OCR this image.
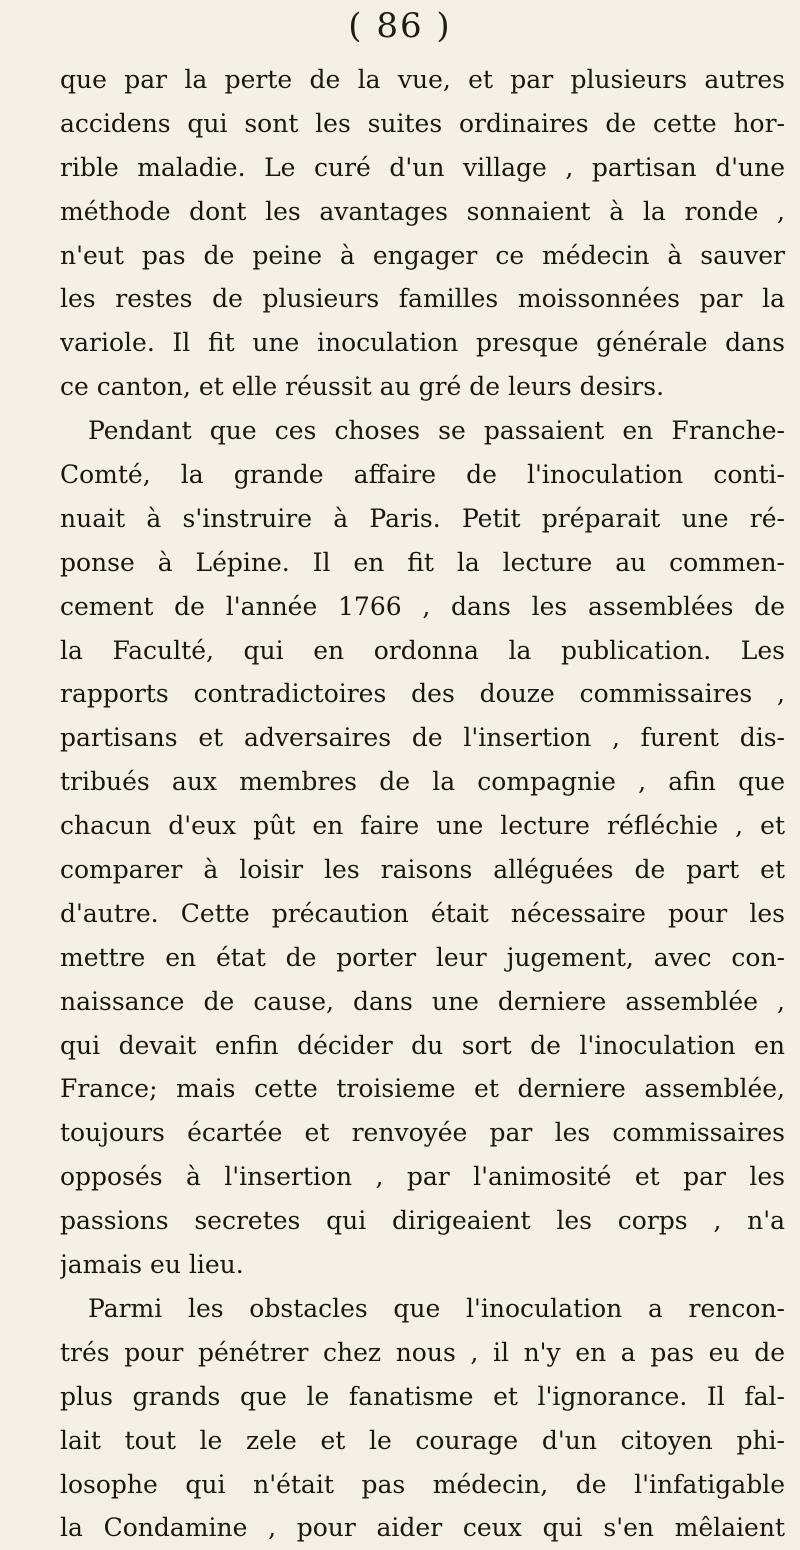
( 86 )
que par la perte de la vue, et par plusieurs autres
accidens qui sont les suites ordinaires de cette hor-
rible maladie. Le curé d'un village , partisan d'une
méthode dont les avantages sonnaient à la ronde ,
n'eut pas de peine à engager ce médecin à sauver
les restes de plusieurs familles moissonnées par la
variole. Il fit une inoculation presque générale dans
ce canton, et elle réussit au gré de leurs desirs.
Pendant que ces choses se passaient en Franche-
Comté, la grande affaire de l'inoculation conti-
nuait à s'instruire à Paris. Petit préparait une ré-
ponse à Lépine. Il en fit la lecture au commen-
cement de l'année 1766 , dans les assemblées de
la Faculté, qui en ordonna la publication. Les
rapports contradictoires des douze commissaires ,
partisans et adversaires de l'insertion , furent dis-
tribués aux membres de la compagnie , afin que
chacun d'eux pût en faire une lecture réfléchie , et
comparer à loisir les raisons alléguées de part et
d'autre. Cette précaution était nécessaire pour les
mettre en état de porter leur jugement, avec con-
naissance de cause, dans une derniere assemblée ,
qui devait enfin décider du sort de l'inoculation en
France; mais cette troisieme et derniere assemblée,
toujours écartée et renvoyée par les commissaires
opposés à l'insertion , par l'animosité et par les
passions secretes qui dirigeaient les corps , n'a
jamais eu lieu.
Parmi les obstacles que l'inoculation a rencon-
trés pour pénétrer chez nous , il n'y en a pas eu de
plus grands que le fanatisme et l'ignorance. Il fal-
lait tout le zele et le courage d'un citoyen phi-
losophe qui n'était pas médecin, de l'infatigable
la Condamine , pour aider ceux qui s'en mêlaient
